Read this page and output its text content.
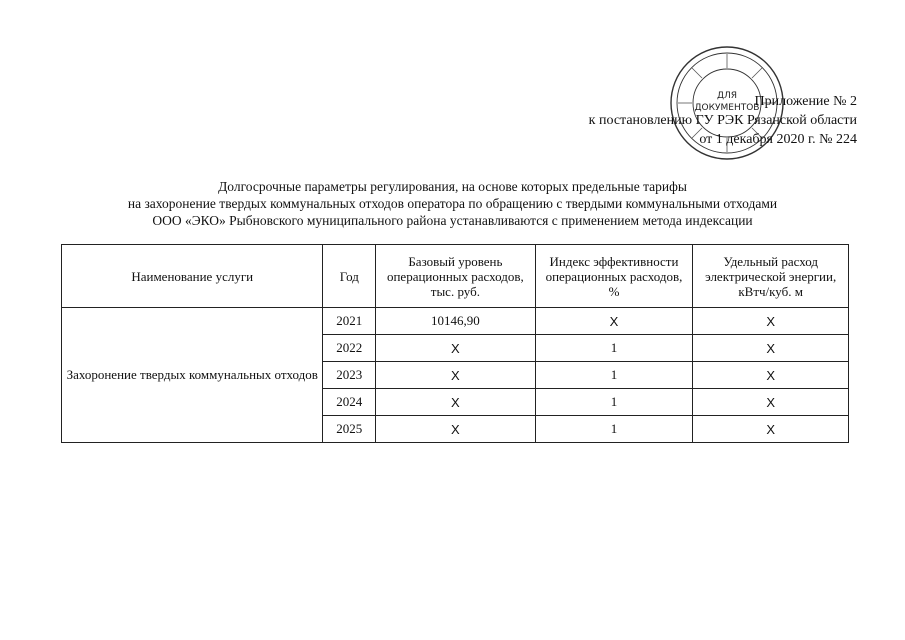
ДЛЯ
ДОКУМЕНТОВ
Приложение № 2
к постановлению ГУ РЭК Рязанской области
от 1 декабря 2020 г. № 224
Долгосрочные параметры регулирования, на основе которых предельные тарифы
на захоронение твердых коммунальных отходов оператора по обращению с твердыми коммунальными отходами
ООО «ЭКО» Рыбновского муниципального района устанавливаются с применением метода индексации
Наименование услуги	Год	Базовый уровень операционных расходов, тыс. руб.	Индекс эффективности операционных расходов, %	Удельный расход электрической энергии, кВтч/куб. м
Захоронение твердых коммунальных отходов	2021	10146,90	Х	Х
	2022	Х	1	Х
	2023	Х	1	Х
	2024	Х	1	Х
	2025	Х	1	Х
